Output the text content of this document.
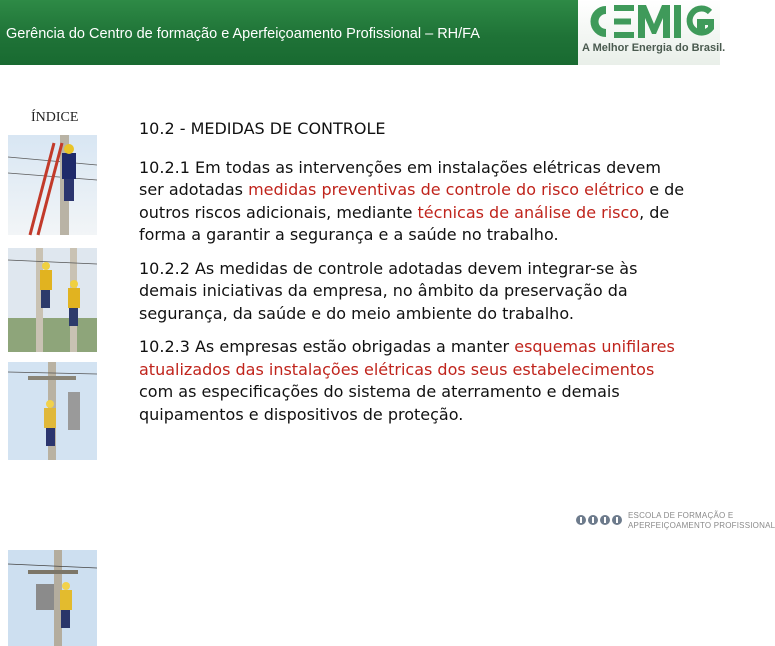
Gerência do Centro de formação e Aperfeiçoamento Profissional – RH/FA
A Melhor Energia do Brasil.
ÍNDICE
10.2 - MEDIDAS DE CONTROLE

10.2.1 Em todas as intervenções em instalações elétricas devem ser adotadas medidas preventivas de controle do risco elétrico e de outros riscos adicionais, mediante técnicas de análise de risco, de forma a garantir a segurança e a saúde no trabalho.

10.2.2 As medidas de controle adotadas devem integrar-se às demais iniciativas da empresa, no âmbito da preservação da segurança, da saúde e do meio ambiente do trabalho.

10.2.3 As empresas estão obrigadas a manter esquemas unifilares atualizados das instalações elétricas dos seus estabelecimentos com as especificações do sistema de aterramento e demais quipamentos e dispositivos de proteção.

ESCOLA DE FORMAÇÃO E
APERFEIÇOAMENTO PROFISSIONAL
